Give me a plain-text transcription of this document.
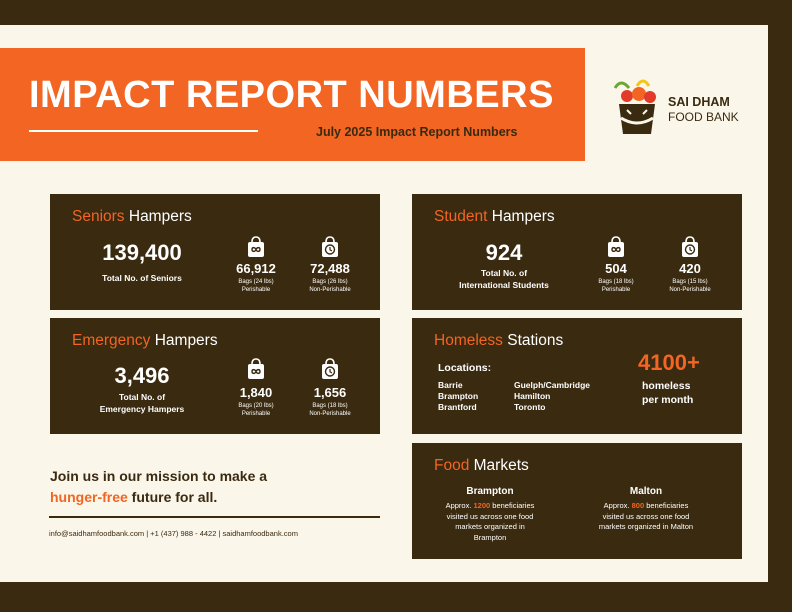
IMPACT REPORT NUMBERS
July 2025 Impact Report Numbers
SAI DHAM
FOOD BANK
Seniors Hampers
139,400
Total No. of Seniors
66,912
Bags (24 lbs)
Perishable
72,488
Bags (26 lbs)
Non-Perishable
Student Hampers
924
Total No. of
International Students
504
Bags (18 lbs)
Perishable
420
Bags (15 lbs)
Non-Perishable
Emergency Hampers
3,496
Total No. of
Emergency Hampers
1,840
Bags (20 lbs)
Perishable
1,656
Bags (18 lbs)
Non-Perishable
Homeless Stations
Locations:
Barrie
Brampton
Brantford
Guelph/Cambridge
Hamilton
Toronto
4100+
homeless
per month
Food Markets
Brampton
Approx. 1200 beneficiaries
visited us across one food
markets organized in
Brampton
Malton
Approx. 800 beneficiaries
visited us across one food
markets organized in Malton
Join us in our mission to make a
hunger-free future for all.
info@saidhamfoodbank.com | +1 (437) 988 - 4422 | saidhamfoodbank.com
